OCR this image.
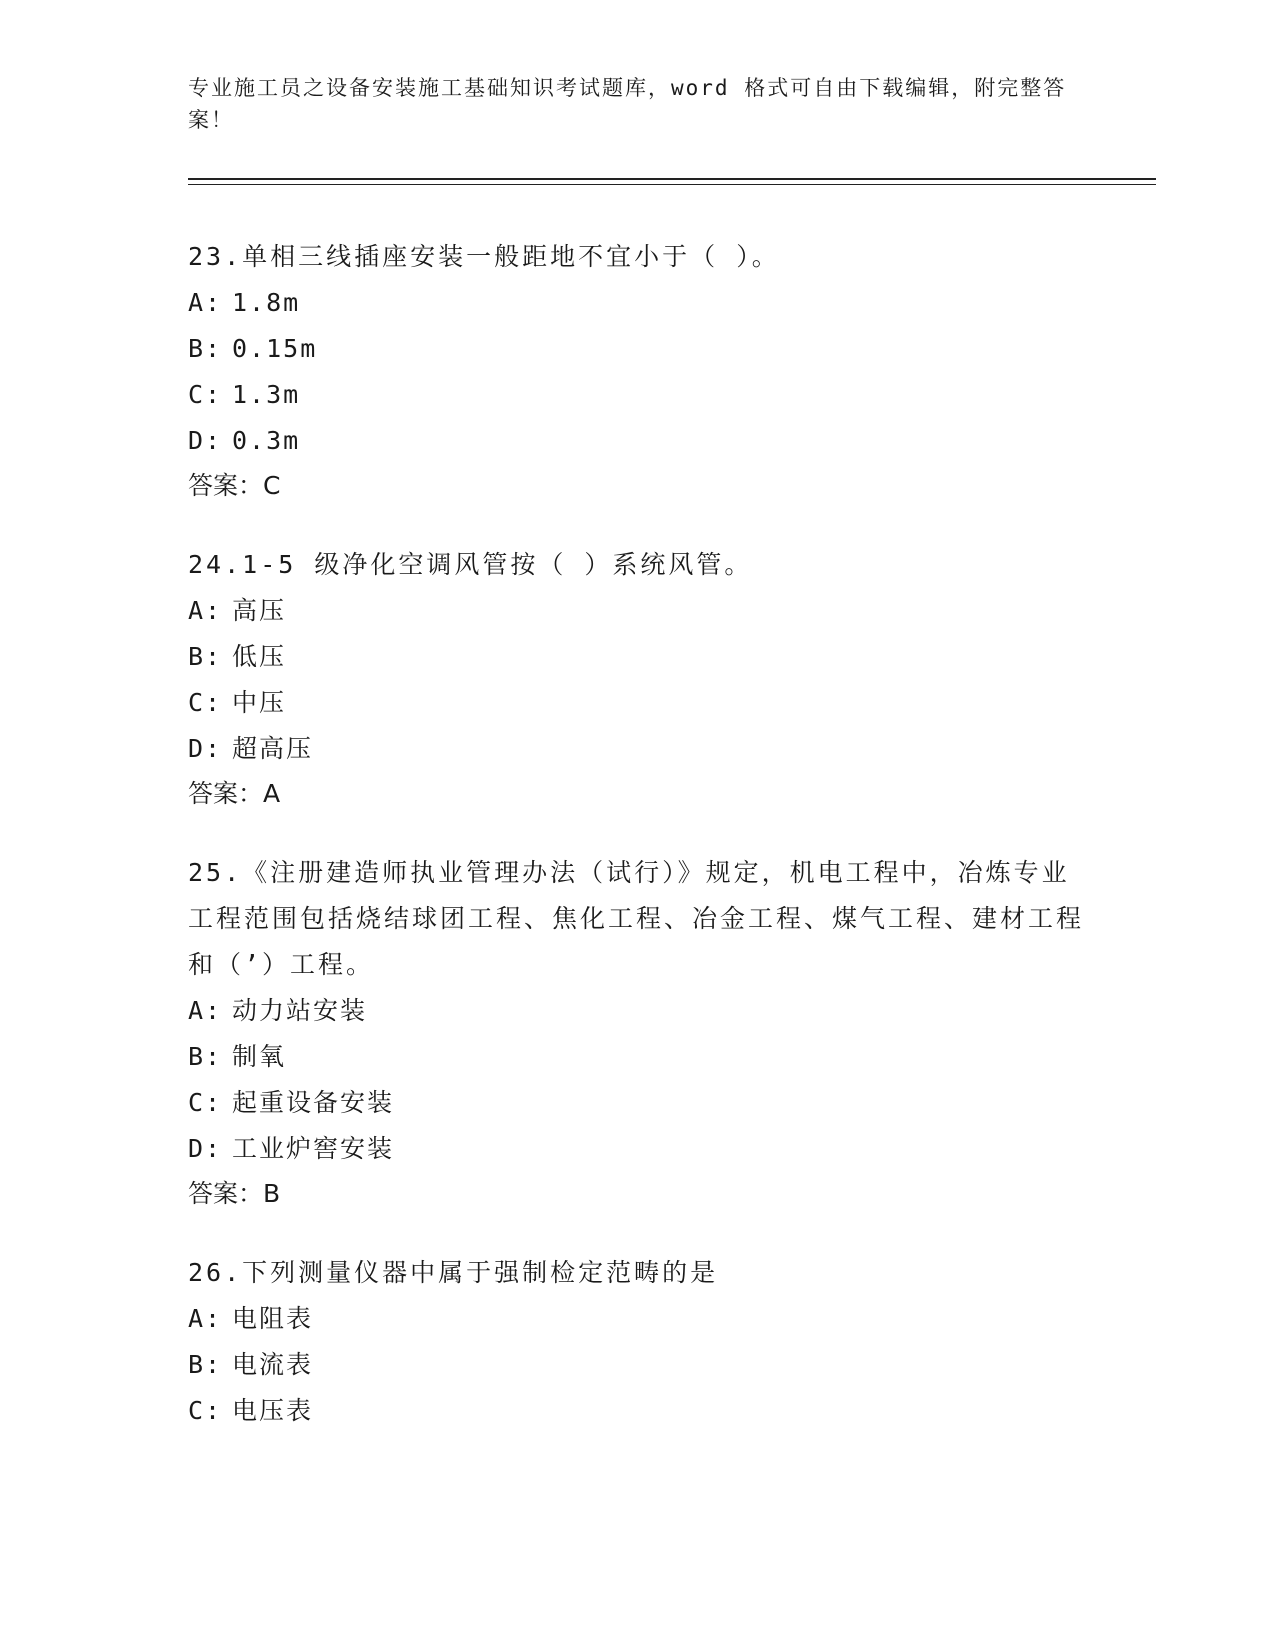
专业施工员之设备安装施工基础知识考试题库，word 格式可自由下载编辑，附完整答案！

23.单相三线插座安装一般距地不宜小于（ ）。

A: 1.8m

B: 0.15m

C: 1.3m

D: 0.3m

答案：C

24.1-5 级净化空调风管按（ ）系统风管。

A: 高压

B: 低压

C: 中压

D: 超高压

答案：A

25.《注册建造师执业管理办法（试行）》规定，机电工程中，冶炼专业工程范围包括烧结球团工程、焦化工程、冶金工程、煤气工程、建材工程和（’）工程。

A: 动力站安装

B: 制氧

C: 起重设备安装

D: 工业炉窖安装

答案：B

26.下列测量仪器中属于强制检定范畴的是

A: 电阻表

B: 电流表

C: 电压表
